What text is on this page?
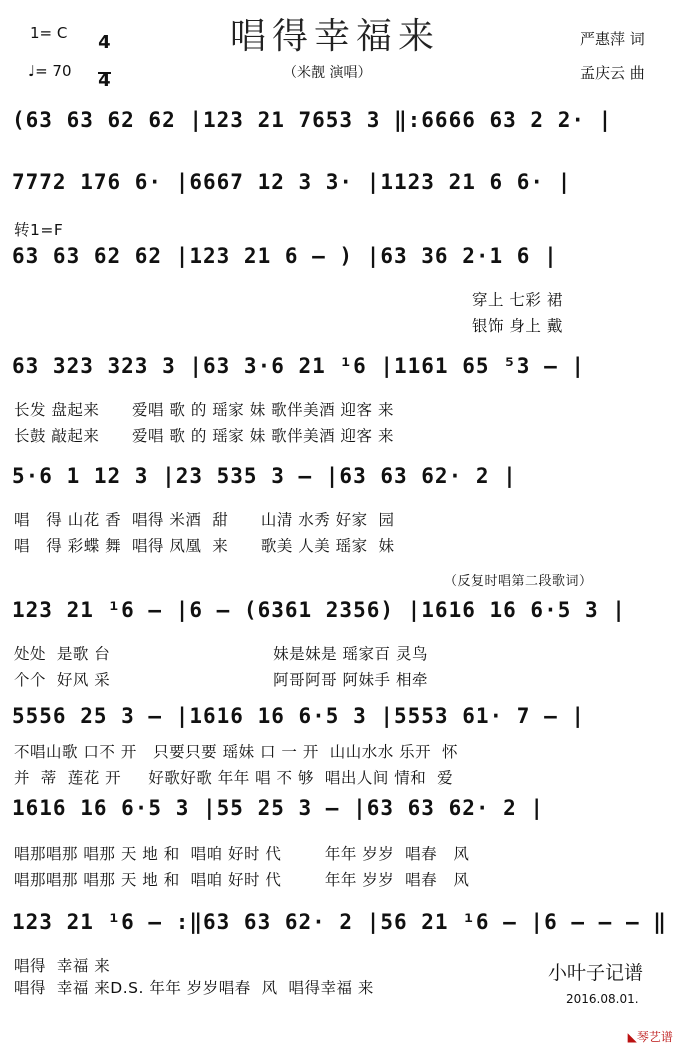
1= C	4

4

♩= 70
唱得幸福来
（米靓 演唱）
严惠萍 词
孟庆云 曲
(63 63 62 62 |123 21 7653 3 ‖:6666 63 2 2· |
7772 176 6· |6667 12 3 3· |1123 21 6 6· |
转1=F
63 63 62 62 |123 21 6 – ) |63 36 2·1 6 |
穿上 七彩 裙
银饰 身上 戴
63 323 323 3 |63 3·6 21 ¹6 |1161 65 ⁵3 – |
长发 盘起来      爱唱 歌 的 瑶家 妹 歌伴美酒 迎客 来
长鼓 敲起来      爱唱 歌 的 瑶家 妹 歌伴美酒 迎客 来
5·6 1 12 3 |23 535 3 – |63 63 62· 2 |
唱   得 山花 香  唱得 米酒  甜      山清 水秀 好家  园
唱   得 彩蝶 舞  唱得 凤凰  来      歌美 人美 瑶家  妹
（反复时唱第二段歌词）
123 21 ¹6 – |6 – (6361 2356) |1616 16 6·5 3 |
处处  是歌 台                              妹是妹是 瑶家百 灵鸟
个个  好风 采                              阿哥阿哥 阿妹手 相牵
5556 25 3 – |1616 16 6·5 3 |5553 61· 7 – |
不唱山歌 口不 开   只要只要 瑶妹 口 一 开  山山水水 乐开  怀
并  蒂  莲花 开     好歌好歌 年年 唱 不 够  唱出人间 情和  爱
1616 16 6·5 3 |55 25 3 – |63 63 62· 2 |
唱那唱那 唱那 天 地 和  唱咱 好时 代        年年 岁岁  唱春   风
唱那唱那 唱那 天 地 和  唱咱 好时 代        年年 岁岁  唱春   风
123 21 ¹6 – :‖63 63 62· 2 |56 21 ¹6 – |6 – – – ‖
唱得  幸福 来
唱得  幸福 来D.S. 年年 岁岁唱春  风  唱得幸福 来
小叶子记谱
2016.08.01.

◣琴艺谱
